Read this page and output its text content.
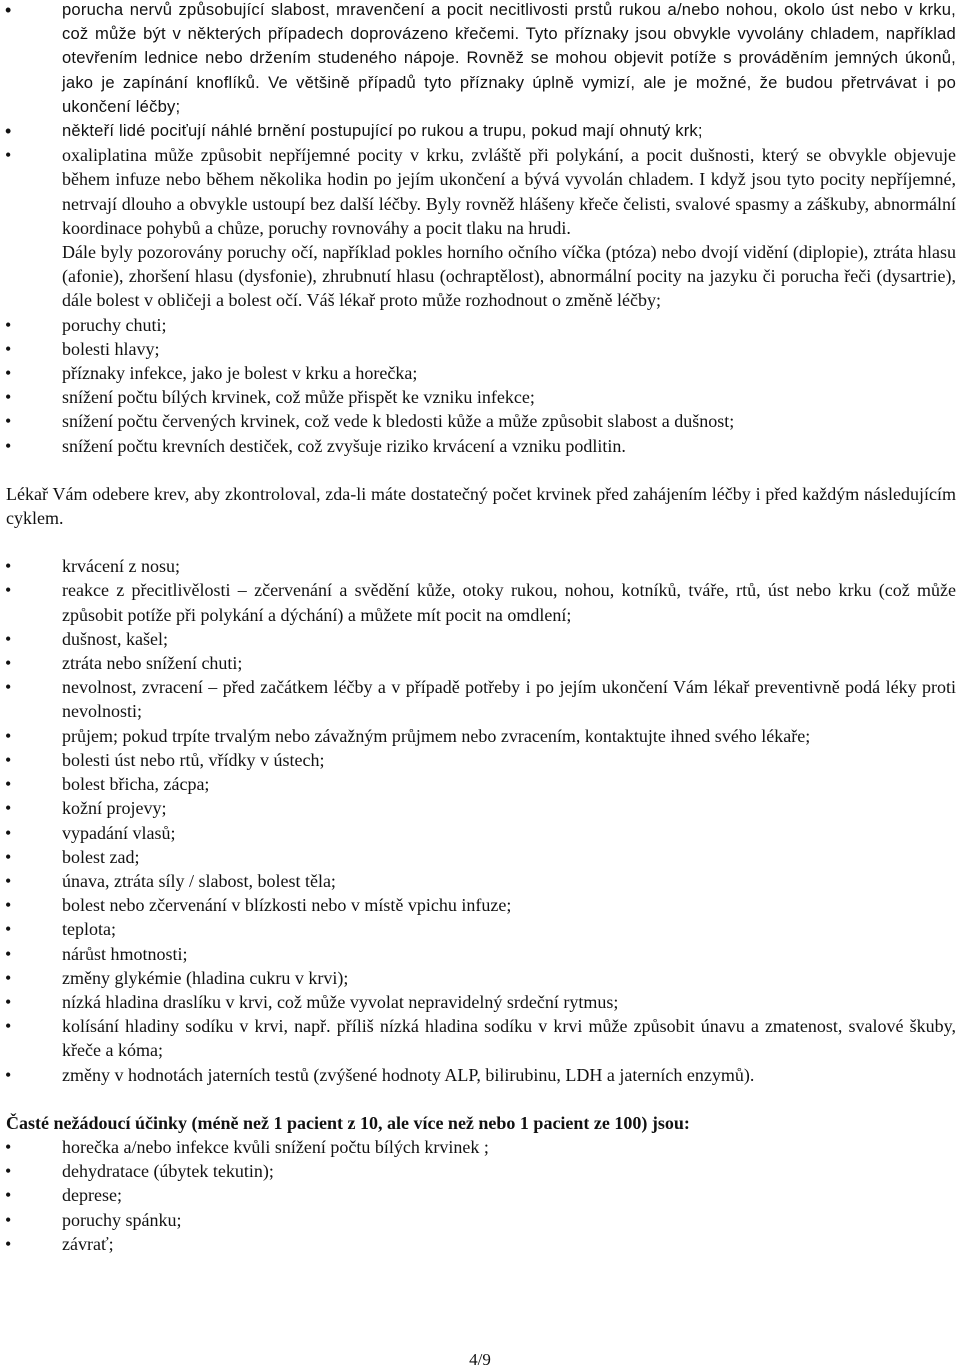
• porucha nervů způsobující slabost, mravenčení a pocit necitlivosti prstů rukou a/nebo nohou, okolo úst nebo v krku, což může být v některých případech doprovázeno křečemi. Tyto příznaky jsou obvykle vyvolány chladem, například otevřením lednice nebo držením studeného nápoje. Rovněž se mohou objevit potíže s prováděním jemných úkonů, jako je zapínání knoflíků. Ve většině případů tyto příznaky úplně vymizí, ale je možné, že budou přetrvávat i po ukončení léčby;
• někteří lidé pociťují náhlé brnění postupující po rukou a trupu, pokud mají ohnutý krk;
• oxaliplatina může způsobit nepříjemné pocity v krku, zvláště při polykání, a pocit dušnosti, který se obvykle objevuje během infuze nebo během několika hodin po jejím ukončení a bývá vyvolán chladem. I když jsou tyto pocity nepříjemné, netrvají dlouho a obvykle ustoupí bez další léčby. Byly rovněž hlášeny křeče čelisti, svalové spasmy a záškuby, abnormální koordinace pohybů a chůze, poruchy rovnováhy a pocit tlaku na hrudi.
Dále byly pozorovány poruchy očí, například pokles horního očního víčka (ptóza) nebo dvojí vidění (diplopie), ztráta hlasu (afonie), zhoršení hlasu (dysfonie), zhrubnutí hlasu (ochraptělost), abnormální pocity na jazyku či porucha řeči (dysartrie), dále bolest v obličeji a bolest očí. Váš lékař proto může rozhodnout o změně léčby;
• poruchy chuti;
• bolesti hlavy;
• příznaky infekce, jako je bolest v krku a horečka;
• snížení počtu bílých krvinek, což může přispět ke vzniku infekce;
• snížení počtu červených krvinek, což vede k bledosti kůže a může způsobit slabost a dušnost;
• snížení počtu krevních destiček, což zvyšuje riziko krvácení a vzniku podlitin.
Lékař Vám odebere krev, aby zkontroloval, zda-li máte dostatečný počet krvinek před zahájením léčby i před každým následujícím cyklem.
• krvácení z nosu;
• reakce z přecitlivělosti – zčervenání a svědění kůže, otoky rukou, nohou, kotníků, tváře, rtů, úst nebo krku (což může způsobit potíže při polykání a dýchání) a můžete mít pocit na omdlení;
• dušnost, kašel;
• ztráta nebo snížení chuti;
• nevolnost, zvracení – před začátkem léčby a v případě potřeby i po jejím ukončení Vám lékař preventivně podá léky proti nevolnosti;
• průjem; pokud trpíte trvalým nebo závažným průjmem nebo zvracením, kontaktujte ihned svého lékaře;
• bolesti úst nebo rtů, vřídky v ústech;
• bolest břicha, zácpa;
• kožní projevy;
• vypadání vlasů;
• bolest zad;
• únava, ztráta síly / slabost, bolest těla;
• bolest nebo zčervenání v blízkosti nebo v místě vpichu infuze;
• teplota;
• nárůst hmotnosti;
• změny glykémie (hladina cukru v krvi);
• nízká hladina draslíku v krvi, což může vyvolat nepravidelný srdeční rytmus;
• kolísání hladiny sodíku v krvi, např. příliš nízká hladina sodíku v krvi může způsobit únavu a zmatenost, svalové škuby, křeče a kóma;
• změny v hodnotách jaterních testů (zvýšené hodnoty ALP, bilirubinu, LDH a jaterních enzymů).
Časté nežádoucí účinky (méně než 1 pacient z 10, ale více než nebo 1 pacient ze 100) jsou:
• horečka a/nebo infekce kvůli snížení počtu bílých krvinek ;
• dehydratace (úbytek tekutin);
• deprese;
• poruchy spánku;
• závrať;
4/9
